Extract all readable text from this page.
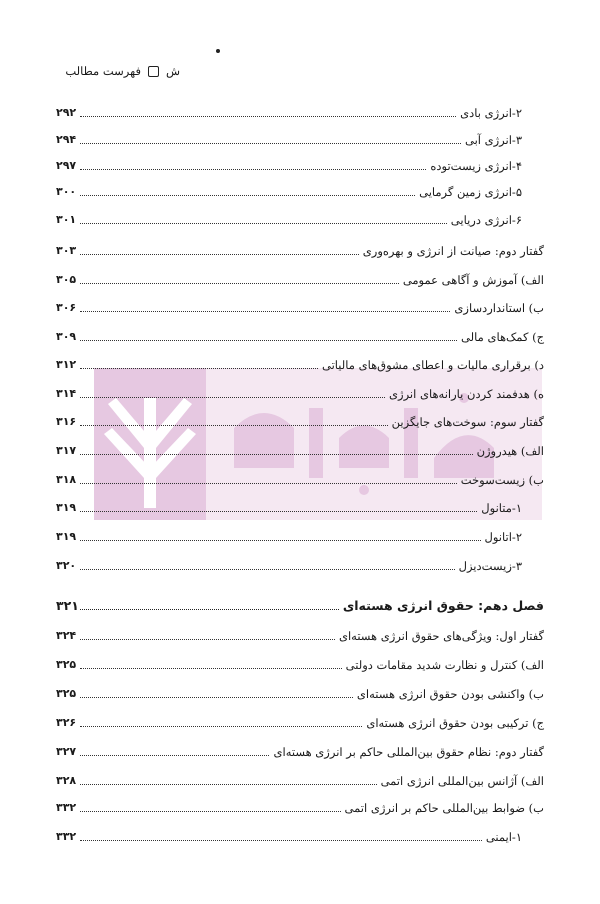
فهرست مطالب ش
۲-انرژی بادی
۲۹۲
۳-انرژی آبی
۲۹۴
۴-انرژی زیست‌توده
۲۹۷
۵-انرژی زمین گرمایی
۳۰۰
۶-انرژی دریایی
۳۰۱
گفتار دوم: صیانت از انرژی و بهره‌وری
۳۰۳
الف) آموزش و آگاهی عمومی
۳۰۵
ب) استانداردسازی
۳۰۶
ج) کمک‌های مالی
۳۰۹
د) برقراری مالیات و اعطای مشوق‌های مالیاتی
۳۱۲
ه) هدفمند کردن یارانه‌های انرژی
۳۱۴
گفتار سوم: سوخت‌های جایگزین
۳۱۶
الف) هیدروژن
۳۱۷
ب) زیست‌سوخت
۳۱۸
۱-متانول
۳۱۹
۲-اتانول
۳۱۹
۳-زیست‌دیزل
۳۲۰
فصل دهم: حقوق انرژی هسته‌ای
۳۲۱
گفتار اول: ویژگی‌های حقوق انرژی هسته‌ای
۳۲۴
الف) کنترل و نظارت شدید مقامات دولتی
۳۲۵
ب) واکنشی بودن حقوق انرژی هسته‌ای
۳۲۵
ج) ترکیبی بودن حقوق انرژی هسته‌ای
۳۲۶
گفتار دوم: نظام حقوق بین‌المللی حاکم بر انرژی هسته‌ای
۳۲۷
الف) آژانس بین‌المللی انرژی اتمی
۳۲۸
ب) ضوابط بین‌المللی حاکم بر انرژی اتمی
۳۳۲
۱-ایمنی
۳۳۲
